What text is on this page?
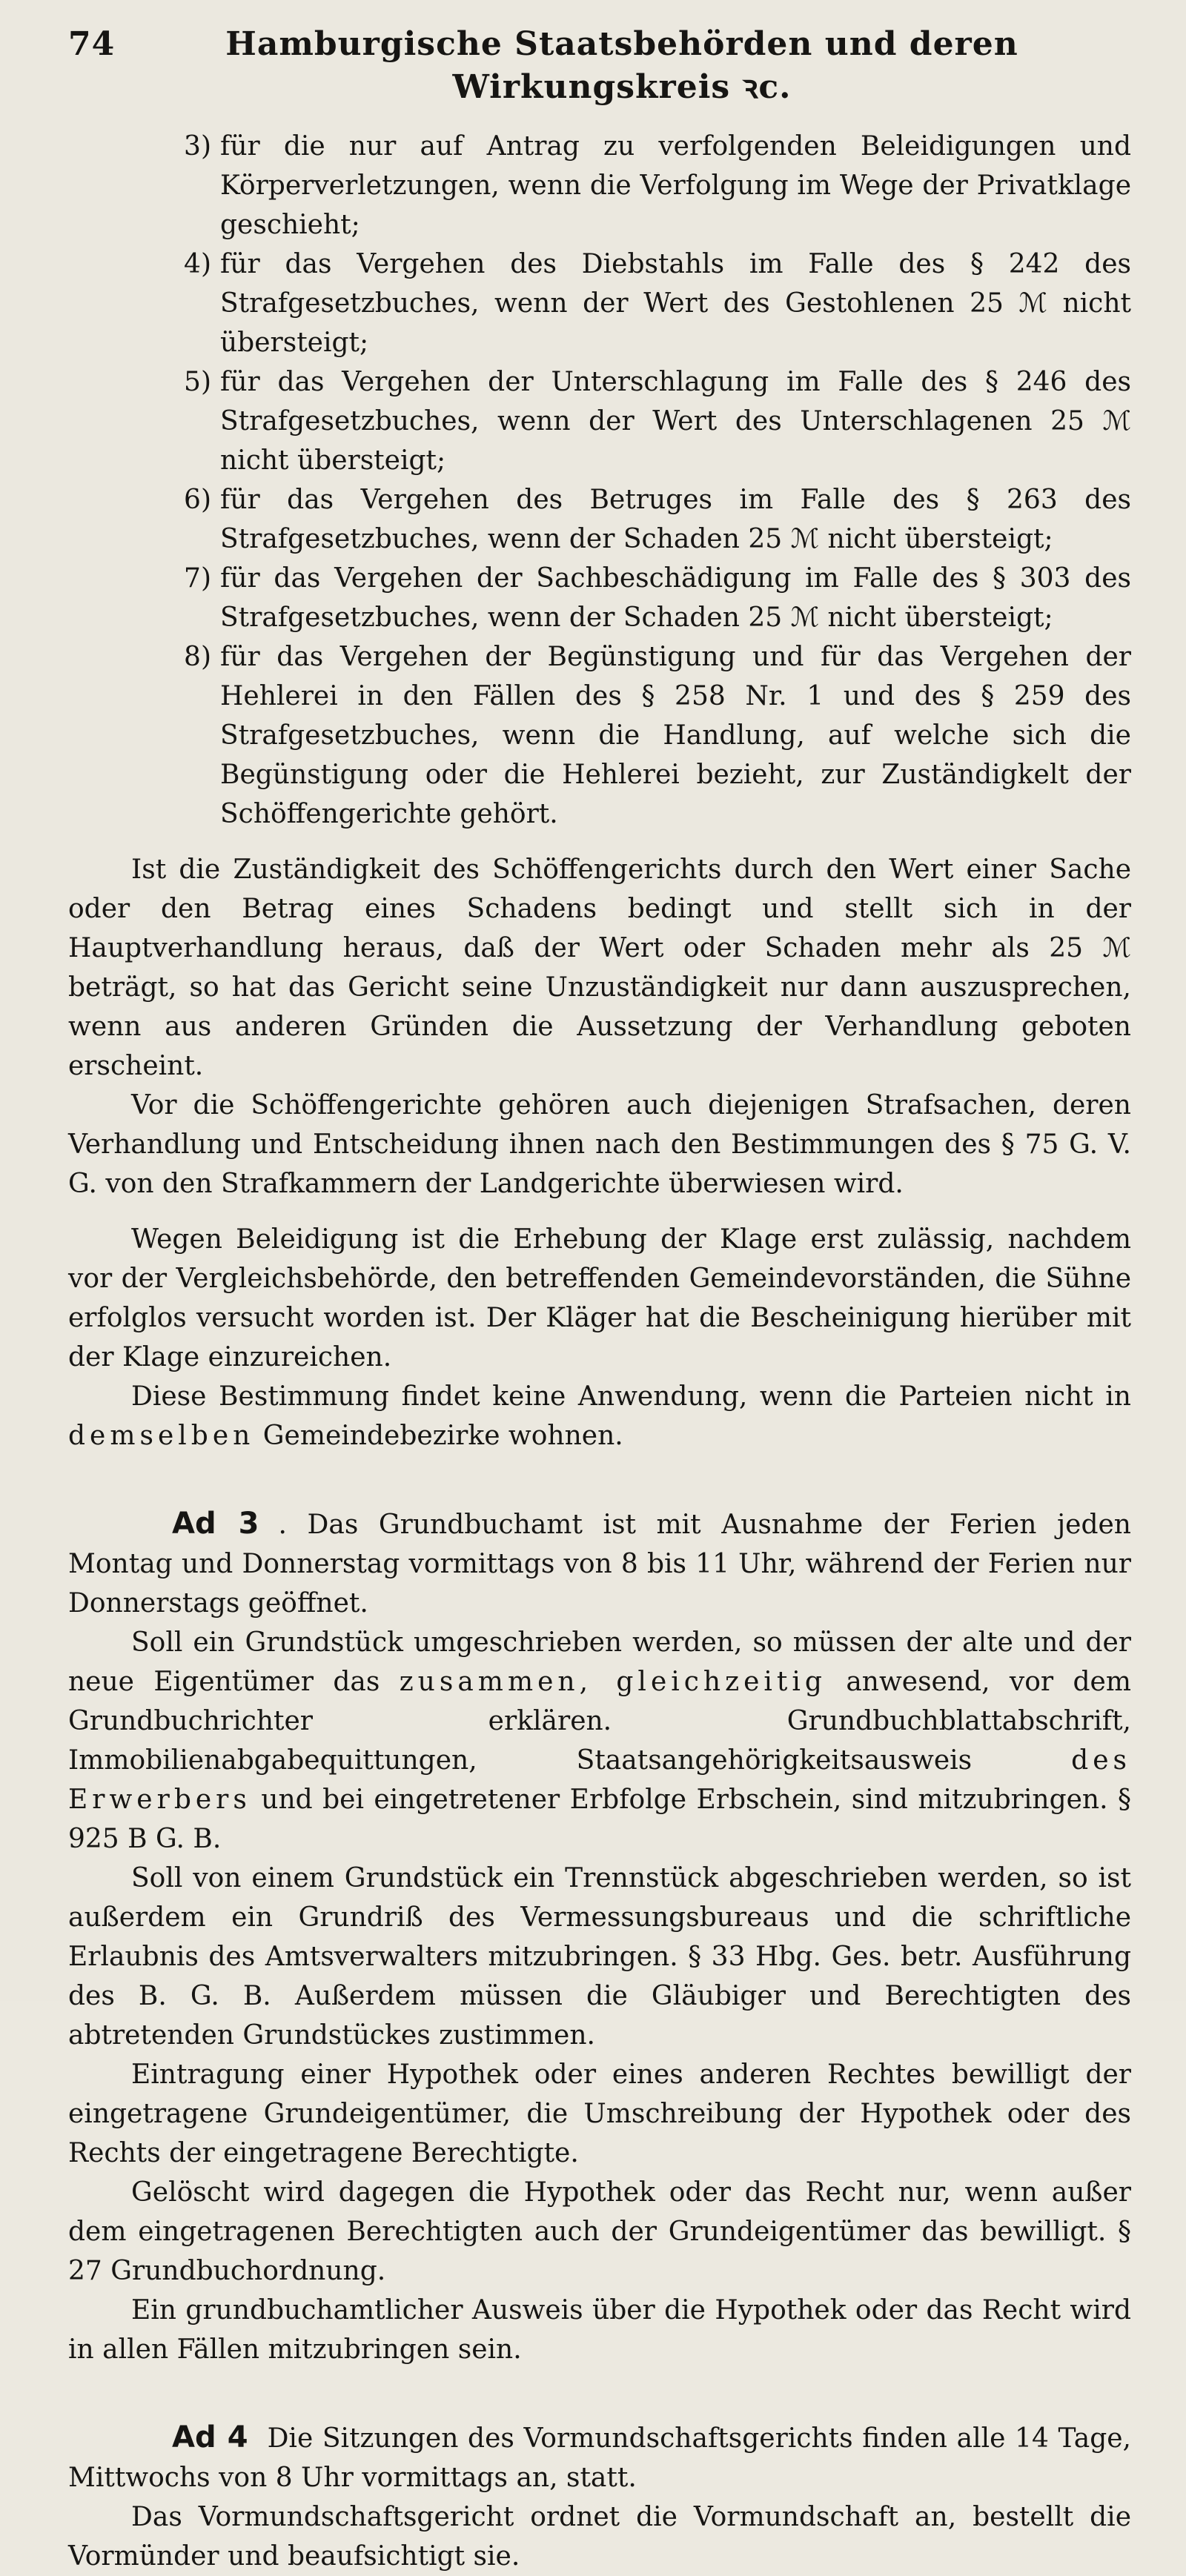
74	Hamburgische Staatsbehörden und deren Wirkungskreis ꝛc.
3) für die nur auf Antrag zu verfolgenden Beleidigungen und Körperverletzungen, wenn die Verfolgung im Wege der Privatklage geschieht;
4) für das Vergehen des Diebstahls im Falle des § 242 des Strafgesetzbuches, wenn der Wert des Gestohlenen 25 ℳ nicht übersteigt;
5) für das Vergehen der Unterschlagung im Falle des § 246 des Strafgesetzbuches, wenn der Wert des Unterschlagenen 25 ℳ nicht übersteigt;
6) für das Vergehen des Betruges im Falle des § 263 des Strafgesetzbuches, wenn der Schaden 25 ℳ nicht übersteigt;
7) für das Vergehen der Sachbeschädigung im Falle des § 303 des Strafgesetzbuches, wenn der Schaden 25 ℳ nicht übersteigt;
8) für das Vergehen der Begünstigung und für das Vergehen der Hehlerei in den Fällen des § 258 Nr. 1 und des § 259 des Strafgesetzbuches, wenn die Handlung, auf welche sich die Begünstigung oder die Hehlerei bezieht, zur Zuständigkelt der Schöffengerichte gehört.

Ist die Zuständigkeit des Schöffengerichts durch den Wert einer Sache oder den Betrag eines Schadens bedingt und stellt sich in der Hauptverhandlung heraus, daß der Wert oder Schaden mehr als 25 ℳ beträgt, so hat das Gericht seine Unzuständigkeit nur dann auszusprechen, wenn aus anderen Gründen die Aussetzung der Verhandlung geboten erscheint.

Vor die Schöffengerichte gehören auch diejenigen Strafsachen, deren Verhandlung und Entscheidung ihnen nach den Bestimmungen des § 75 G. V. G. von den Strafkammern der Landgerichte überwiesen wird.

Wegen Beleidigung ist die Erhebung der Klage erst zulässig, nachdem vor der Vergleichsbehörde, den betreffenden Gemeindevorständen, die Sühne erfolglos versucht worden ist. Der Kläger hat die Bescheinigung hierüber mit der Klage einzureichen.

Diese Bestimmung findet keine Anwendung, wenn die Parteien nicht in demselben Gemeindebezirke wohnen.

Ad 3 . Das Grundbuchamt ist mit Ausnahme der Ferien jeden Montag und Donnerstag vormittags von 8 bis 11 Uhr, während der Ferien nur Donnerstags geöffnet.

Soll ein Grundstück umgeschrieben werden, so müssen der alte und der neue Eigentümer das zusammen, gleichzeitig anwesend, vor dem Grundbuchrichter erklären. Grundbuchblattabschrift, Immobilienabgabequittungen, Staatsangehörigkeitsausweis	des Erwerbers und bei eingetretener Erbfolge Erbschein, sind mitzubringen. § 925 B G. B.

Soll von einem Grundstück ein Trennstück abgeschrieben werden, so ist außerdem ein Grundriß des Vermessungsbureaus und die schriftliche Erlaubnis des Amtsverwalters mitzubringen. § 33 Hbg. Ges. betr. Ausführung des B. G. B. Außerdem müssen die Gläubiger und Berechtigten des abtretenden Grundstückes zustimmen.

Eintragung einer Hypothek oder eines anderen Rechtes bewilligt der eingetragene Grundeigentümer, die Umschreibung der Hypothek oder des Rechts der eingetragene Berechtigte.

Gelöscht wird dagegen die Hypothek oder das Recht nur, wenn außer dem eingetragenen Berechtigten auch der Grundeigentümer das bewilligt. § 27 Grundbuchordnung.

Ein grundbuchamtlicher Ausweis über die Hypothek oder das Recht wird in allen Fällen mitzubringen sein.

Ad 4 Die Sitzungen des Vormundschaftsgerichts finden alle 14 Tage, Mittwochs von 8 Uhr vormittags an, statt.

Das Vormundschaftsgericht ordnet die Vormundschaft an, bestellt die Vormünder und beaufsichtigt sie.
